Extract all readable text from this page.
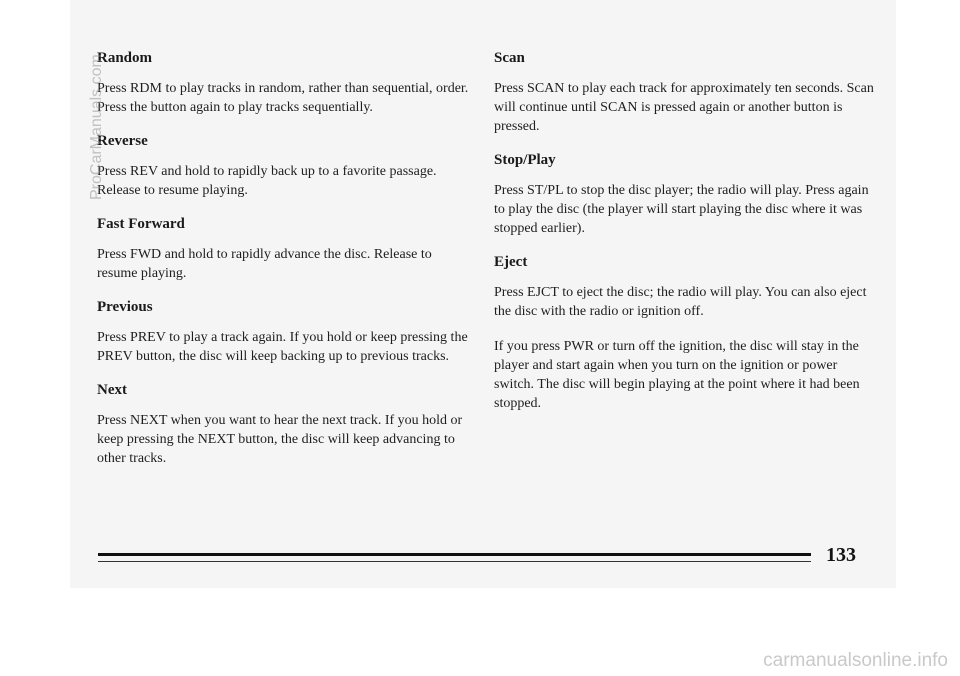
Random

Press RDM to play tracks in random, rather than sequential, order. Press the button again to play tracks sequentially.

Reverse

Press REV and hold to rapidly back up to a favorite passage. Release to resume playing.

Fast Forward

Press FWD and hold to rapidly advance the disc. Release to resume playing.

Previous

Press PREV to play a track again. If you hold or keep pressing the PREV button, the disc will keep backing up to previous tracks.

Next

Press NEXT when you want to hear the next track. If you hold or keep pressing the NEXT button, the disc will keep advancing to other tracks.

Scan

Press SCAN to play each track for approximately ten seconds. Scan will continue until SCAN is pressed again or another button is pressed.

Stop/Play

Press ST/PL to stop the disc player; the radio will play. Press again to play the disc (the player will start playing the disc where it was stopped earlier).

Eject

Press EJCT to eject the disc; the radio will play. You can also eject the disc with the radio or ignition off.

If you press PWR or turn off the ignition, the disc will stay in the player and start again when you turn on the ignition or power switch. The disc will begin playing at the point where it had been stopped.

ProCarManuals.com
133
carmanualsonline.info
